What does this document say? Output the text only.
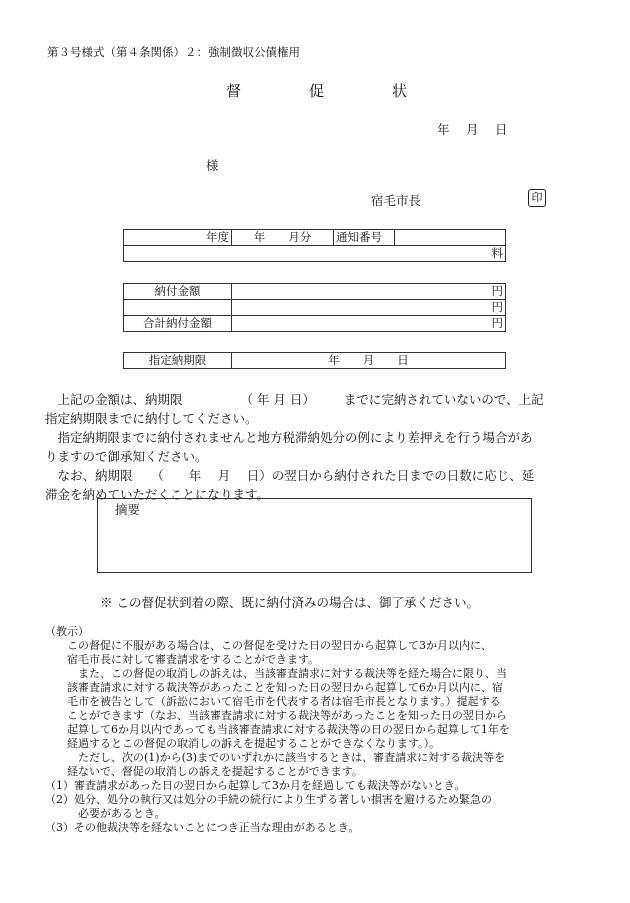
第３号様式（第４条関係）２：強制徴収公債権用
督	促	状
年　 月 　日
様
宿毛市長	印
年度	年　　月分	通知番号	
料
納付金額	円
	円
合計納付金額	円
指定納期限	年　　月　　日
　上記の金額は、納期限 　　　　 （ 年 月 日） 　　までに完納されていないので、上記
指定納期限までに納付してください。
　指定納期限までに納付されませんと地方税滞納処分の例により差押えを行う場合があ
りますので御承知ください。
　なお、納期限　　（　　年　 月　 日）の翌日から納付された日までの日数に応じ、延
滞金を納めていただくことになります。
摘要
※ この督促状到着の際、既に納付済みの場合は、御了承ください。
（教示）
　　この督促に不服がある場合は、この督促を受けた日の翌日から起算して3か月以内に、
　　宿毛市長に対して審査請求をすることができます。
　　　また、この督促の取消しの訴えは、当該審査請求に対する裁決等を経た場合に限り、当
　　該審査請求に対する裁決等があったことを知った日の翌日から起算して6か月以内に、宿
　　毛市を被告として（訴訟において宿毛市を代表する者は宿毛市長となります。）提起する
　　ことができます（なお、当該審査請求に対する裁決等があったことを知った日の翌日から
　　起算して6か月以内であっても当該審査請求に対する裁決等の日の翌日から起算して1年を
　　経過するとこの督促の取消しの訴えを提起することができなくなります。）。
　　　ただし、次の(1)から(3)までのいずれかに該当するときは、審査請求に対する裁決等を
　　経ないで、督促の取消しの訴えを提起することができます。
（1）審査請求があった日の翌日から起算して3か月を経過しても裁決等がないとき。
（2）処分、処分の執行又は処分の手続の続行により生ずる著しい損害を避けるため緊急の
　　　必要があるとき。
（3）その他裁決等を経ないことにつき正当な理由があるとき。
